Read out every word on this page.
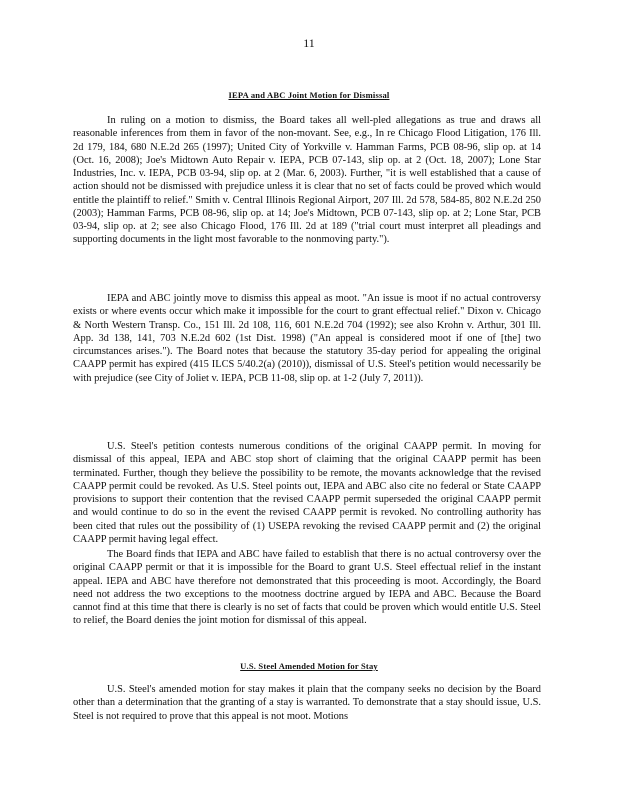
11
IEPA and ABC Joint Motion for Dismissal

In ruling on a motion to dismiss, the Board takes all well-pled allegations as true and draws all reasonable inferences from them in favor of the non-movant. See, e.g., In re Chicago Flood Litigation, 176 Ill. 2d 179, 184, 680 N.E.2d 265 (1997); United City of Yorkville v. Hamman Farms, PCB 08-96, slip op. at 14 (Oct. 16, 2008); Joe's Midtown Auto Repair v. IEPA, PCB 07-143, slip op. at 2 (Oct. 18, 2007); Lone Star Industries, Inc. v. IEPA, PCB 03-94, slip op. at 2 (Mar. 6, 2003). Further, "it is well established that a cause of action should not be dismissed with prejudice unless it is clear that no set of facts could be proved which would entitle the plaintiff to relief." Smith v. Central Illinois Regional Airport, 207 Ill. 2d 578, 584-85, 802 N.E.2d 250 (2003); Hamman Farms, PCB 08-96, slip op. at 14; Joe's Midtown, PCB 07-143, slip op. at 2; Lone Star, PCB 03-94, slip op. at 2; see also Chicago Flood, 176 Ill. 2d at 189 ("trial court must interpret all pleadings and supporting documents in the light most favorable to the nonmoving party.").

IEPA and ABC jointly move to dismiss this appeal as moot. "An issue is moot if no actual controversy exists or where events occur which make it impossible for the court to grant effectual relief." Dixon v. Chicago & North Western Transp. Co., 151 Ill. 2d 108, 116, 601 N.E.2d 704 (1992); see also Krohn v. Arthur, 301 Ill. App. 3d 138, 141, 703 N.E.2d 602 (1st Dist. 1998) ("An appeal is considered moot if one of [the] two circumstances arises."). The Board notes that because the statutory 35-day period for appealing the original CAAPP permit has expired (415 ILCS 5/40.2(a) (2010)), dismissal of U.S. Steel's petition would necessarily be with prejudice (see City of Joliet v. IEPA, PCB 11-08, slip op. at 1-2 (July 7, 2011)).

U.S. Steel's petition contests numerous conditions of the original CAAPP permit. In moving for dismissal of this appeal, IEPA and ABC stop short of claiming that the original CAAPP permit has been terminated. Further, though they believe the possibility to be remote, the movants acknowledge that the revised CAAPP permit could be revoked. As U.S. Steel points out, IEPA and ABC also cite no federal or State CAAPP provisions to support their contention that the revised CAAPP permit superseded the original CAAPP permit and would continue to do so in the event the revised CAAPP permit is revoked. No controlling authority has been cited that rules out the possibility of (1) USEPA revoking the revised CAAPP permit and (2) the original CAAPP permit having legal effect.

The Board finds that IEPA and ABC have failed to establish that there is no actual controversy over the original CAAPP permit or that it is impossible for the Board to grant U.S. Steel effectual relief in the instant appeal. IEPA and ABC have therefore not demonstrated that this proceeding is moot. Accordingly, the Board need not address the two exceptions to the mootness doctrine argued by IEPA and ABC. Because the Board cannot find at this time that there is clearly is no set of facts that could be proven which would entitle U.S. Steel to relief, the Board denies the joint motion for dismissal of this appeal.

U.S. Steel Amended Motion for Stay

U.S. Steel's amended motion for stay makes it plain that the company seeks no decision by the Board other than a determination that the granting of a stay is warranted. To demonstrate that a stay should issue, U.S. Steel is not required to prove that this appeal is not moot. Motions
